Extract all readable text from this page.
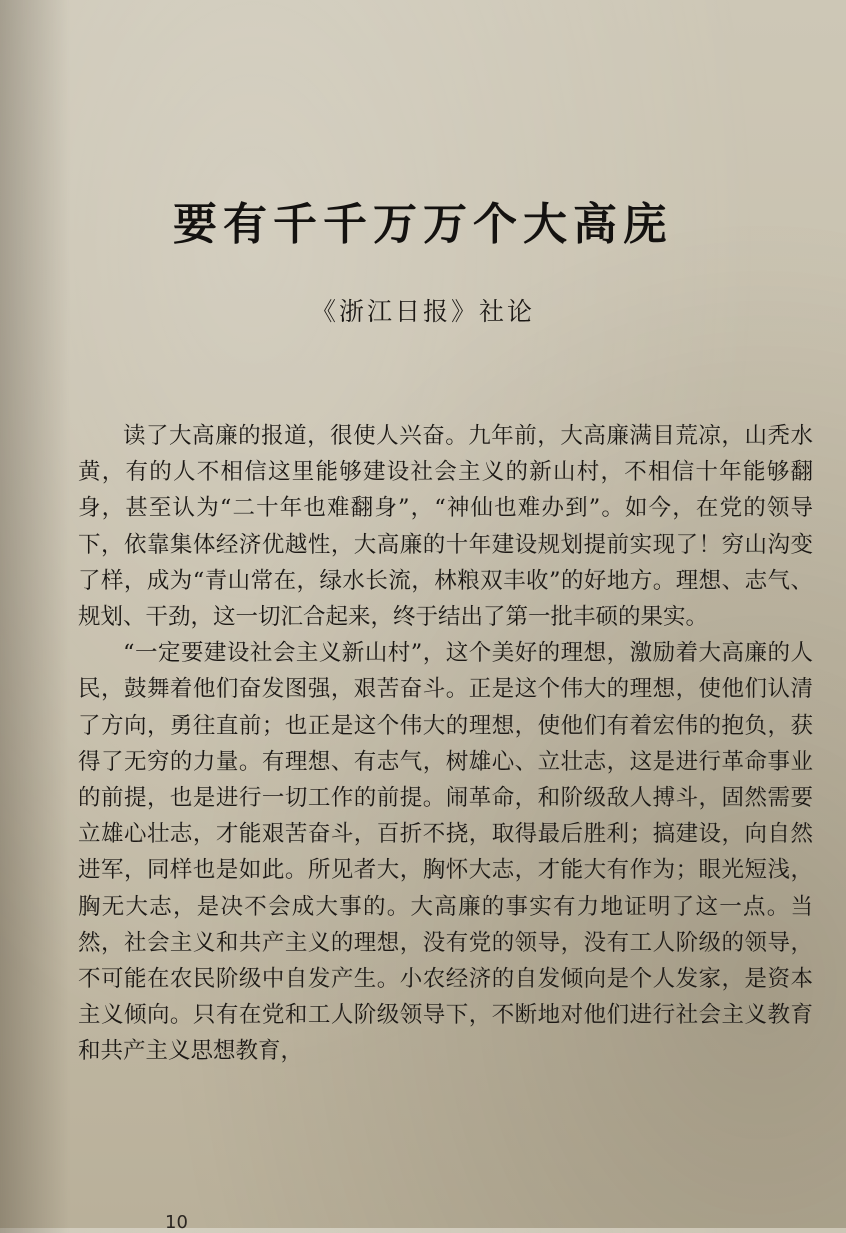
要有千千万万个大高庑
《浙江日报》社论

读了大高廉的报道，很使人兴奋。九年前，大高廉满目荒凉，山秃水黄，有的人不相信这里能够建设社会主义的新山村，不相信十年能够翻身，甚至认为“二十年也难翻身”，“神仙也难办到”。如今，在党的领导下，依靠集体经济优越性，大高廉的十年建设规划提前实现了！穷山沟变了样，成为“青山常在，绿水长流，林粮双丰收”的好地方。理想、志气、规划、干劲，这一切汇合起来，终于结出了第一批丰硕的果实。

“一定要建设社会主义新山村”，这个美好的理想，激励着大高廉的人民，鼓舞着他们奋发图强，艰苦奋斗。正是这个伟大的理想，使他们认清了方向，勇往直前；也正是这个伟大的理想，使他们有着宏伟的抱负，获得了无穷的力量。有理想、有志气，树雄心、立壮志，这是进行革命事业的前提，也是进行一切工作的前提。闹革命，和阶级敌人搏斗，固然需要立雄心壮志，才能艰苦奋斗，百折不挠，取得最后胜利；搞建设，向自然进军，同样也是如此。所见者大，胸怀大志，才能大有作为；眼光短浅，胸无大志，是决不会成大事的。大高廉的事实有力地证明了这一点。当然，社会主义和共产主义的理想，没有党的领导，没有工人阶级的领导，不可能在农民阶级中自发产生。小农经济的自发倾向是个人发家，是资本主义倾向。只有在党和工人阶级领导下，不断地对他们进行社会主义教育和共产主义思想教育，

10
